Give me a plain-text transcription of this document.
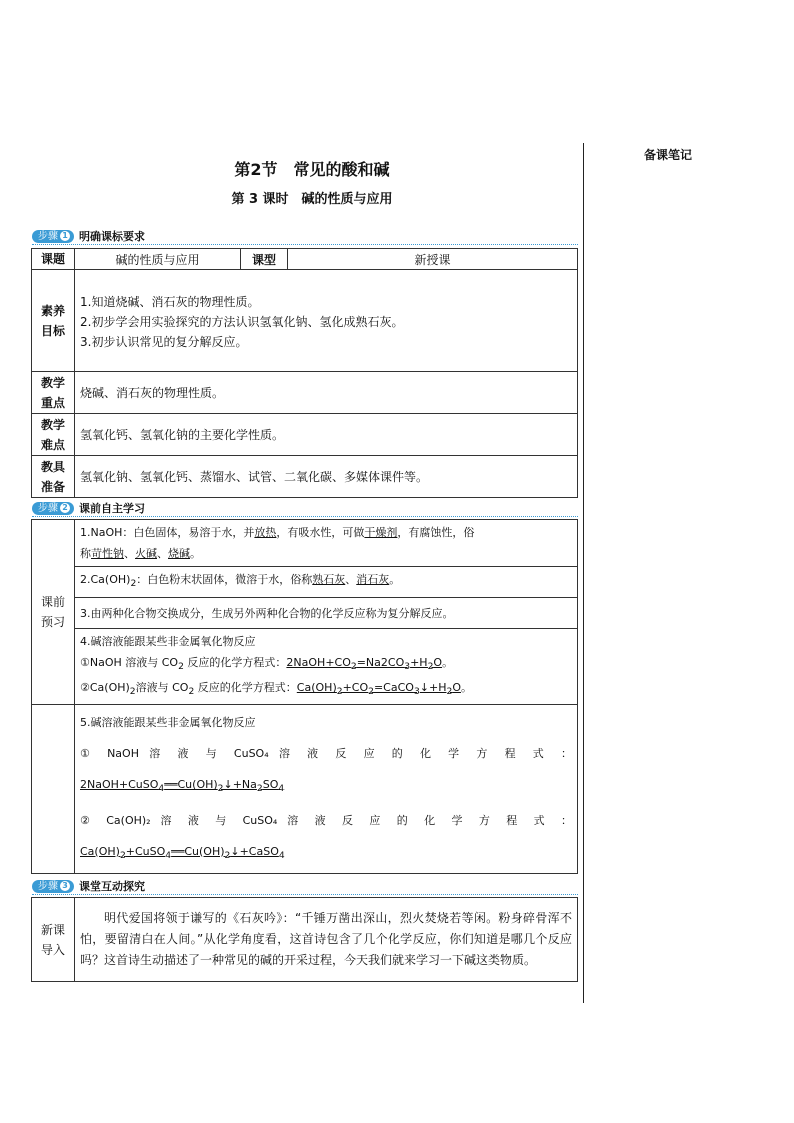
备课笔记
第2节　常见的酸和碱
第 3 课时　碱的性质与应用
步骤 1 明确课标要求
课题	碱的性质与应用	课型	新授课

素养目标	1.知道烧碱、消石灰的物理性质。
2.初步学会用实验探究的方法认识氢氧化钠、氢化成熟石灰。
3.初步认识常见的复分解反应。		

教学重点	烧碱、消石灰的物理性质。		

教学难点	氢氧化钙、氢氧化钠的主要化学性质。		

教具准备	氢氧化钠、氢氧化钙、蒸馏水、试管、二氧化碳、多媒体课件等。		
步骤 2 课前自主学习
课前预习	1.NaOH：白色固体，易溶于水，并放热，有吸水性，可做干燥剂，有腐蚀性，俗
称苛性钠、火碱、烧碱。
	$2.Ca(OH)_2$：白色粉末状固体，微溶于水，俗称熟石灰、消石灰。
	3.由两种化合物交换成分，生成另外两种化合物的化学反应称为复分解反应。

	4.碱溶液能跟某些非金属氧化物反应
①NaOH 溶液与 $CO_2$ 反应的化学方程式：$2NaOH+CO_2=Na2CO_3+H_2O$。
$②Ca(OH)_2$溶液与 $CO_2$ 反应的化学方程式：$Ca(OH)_2+CO_2=CaCO_3↓+H_2O$。

	5.碱溶液能跟某些非金属氧化物反应
① NaOH 溶 液 与 CuSO₄ 溶 液 反 应 的 化 学 方 程 式 ：
$2NaOH+CuSO_4══Cu(OH)_2↓+Na_2SO_4$
② Ca(OH)₂ 溶 液 与 CuSO₄ 溶 液 反 应 的 化 学 方 程 式 ：
$Ca(OH)_2+CuSO_4══Cu(OH)_2↓+CaSO_4$
步骤 3 课堂互动探究
新课导入
	明代爱国将领于谦写的《石灰吟》：“千锤万凿出深山，烈火焚烧若等闲。粉身碎骨浑不怕，要留清白在人间。”从化学角度看，这首诗包含了几个化学反应，你们知道是哪几个反应吗？这首诗生动描述了一种常见的碱的开采过程，今天我们就来学习一下碱这类物质。
